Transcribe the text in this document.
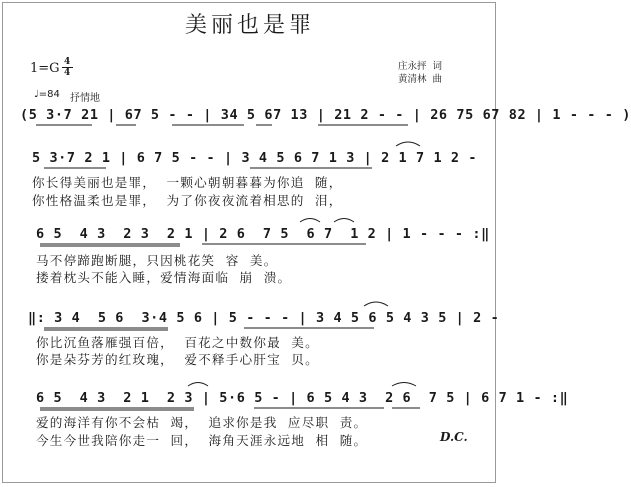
美丽也是罪
1=G 4
4
庄永抨  词
黄清林  曲
♩=84 抒情地
(5 3·7 21 | 67 5 - - | 34 5 67 13 | 21 2 - - | 26 75 67 82 | 1 - - - )
5 3·7 2 1 | 6 7 5 - - | 3 4 5 6 7 1 3 | 2 1 7 1 2 -
你长得美丽也是罪，  一颗心朝朝暮暮为你追  随，
你性格温柔也是罪，  为了你夜夜流着相思的  泪，
6 5  4 3  2 3  2 1 | 2 6  7 5  6 7  1 2 | 1 - - - :‖
马不停蹄跑断腿，只因桃花笑  容  美。
搂着枕头不能入睡，爱情海面临  崩  溃。
‖: 3 4  5 6  3·4 5 6 | 5 - - - | 3 4 5 6 5 4 3 5 | 2 -
你比沉鱼落雁强百倍，  百花之中数你最  美。
你是朵芬芳的红玫瑰，  爱不释手心肝宝  贝。
6 5  4 3  2 1  2 3 | 5·6 5 - | 6 5 4 3  2 6  7 5 | 6 7 1 - :‖
爱的海洋有你不会枯  竭，  追求你是我  应尽职  责。
今生今世我陪你走一  回，  海角天涯永远地  相  随。	D.C.
